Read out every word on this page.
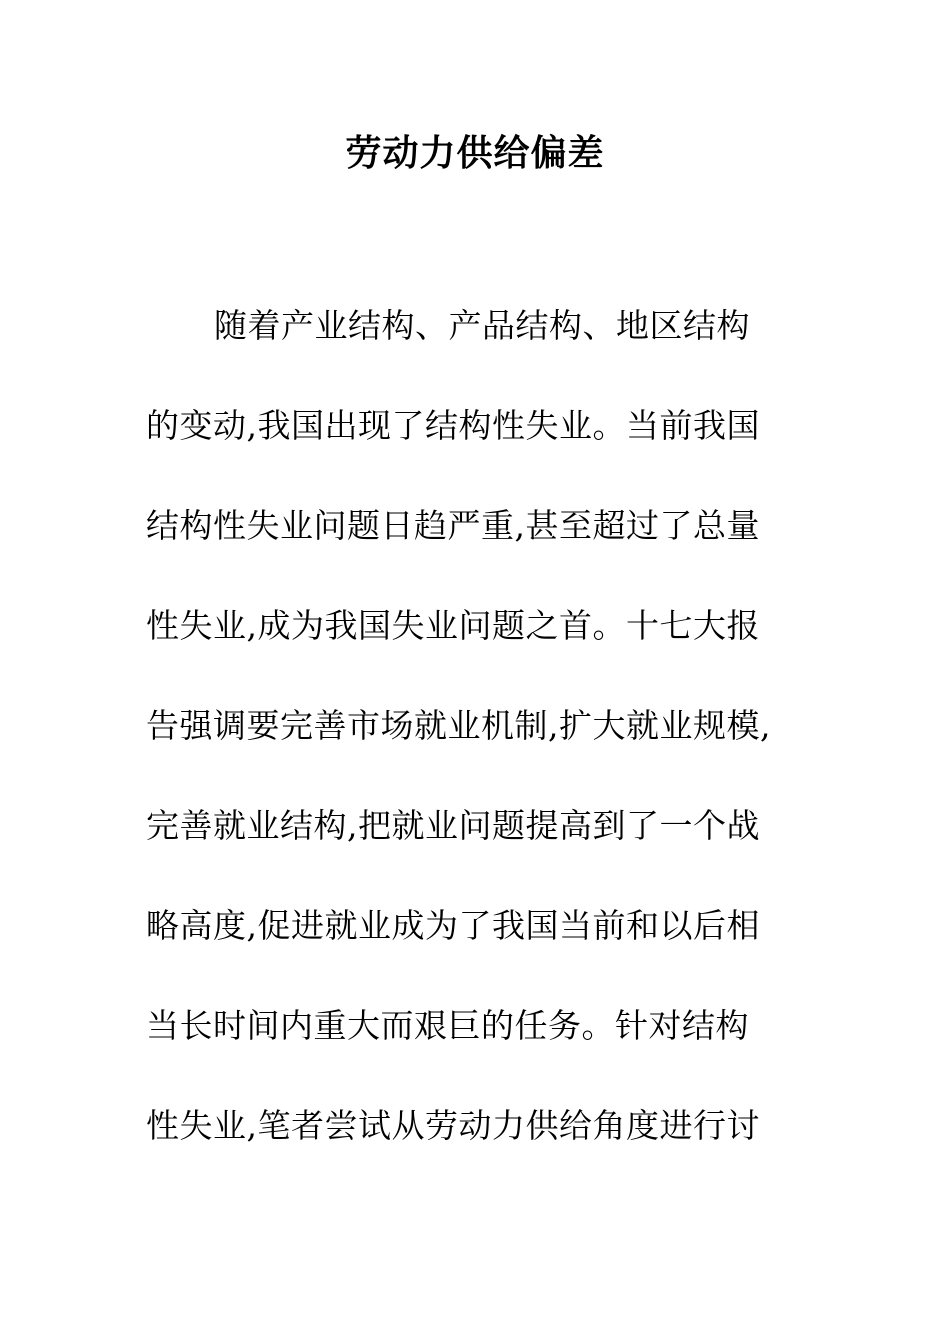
劳动力供给偏差
随着产业结构、产品结构、地区结构
的变动,我国出现了结构性失业。当前我国
结构性失业问题日趋严重,甚至超过了总量
性失业,成为我国失业问题之首。十七大报
告强调要完善市场就业机制,扩大就业规模,
完善就业结构,把就业问题提高到了一个战
略高度,促进就业成为了我国当前和以后相
当长时间内重大而艰巨的任务。针对结构
性失业,笔者尝试从劳动力供给角度进行讨
